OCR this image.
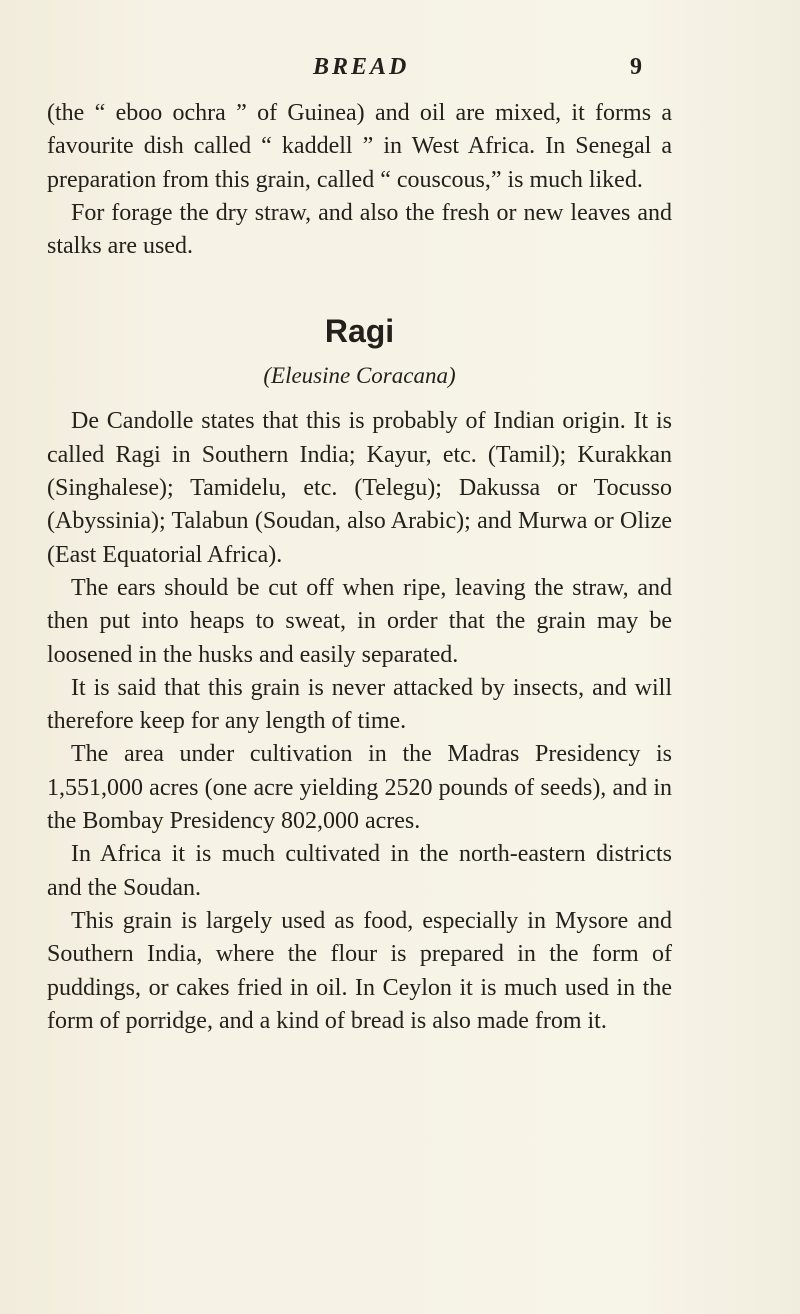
BREAD	9

(the “ eboo ochra ” of Guinea) and oil are mixed, it forms a favourite dish called “ kaddell ” in West Africa. In Senegal a preparation from this grain, called “ couscous,” is much liked.

For forage the dry straw, and also the fresh or new leaves and stalks are used.

Ragi
(Eleusine Coracana)

De Candolle states that this is probably of Indian origin. It is called Ragi in Southern India; Kayur, etc. (Tamil); Kurakkan (Singhalese); Tamidelu, etc. (Telegu); Dakussa or Tocusso (Abyssinia); Talabun (Soudan, also Arabic); and Murwa or Olize (East Equatorial Africa).

The ears should be cut off when ripe, leaving the straw, and then put into heaps to sweat, in order that the grain may be loosened in the husks and easily separated.

It is said that this grain is never attacked by insects, and will therefore keep for any length of time.

The area under cultivation in the Madras Presidency is 1,551,000 acres (one acre yielding 2520 pounds of seeds), and in the Bombay Presidency 802,000 acres.

In Africa it is much cultivated in the north-eastern districts and the Soudan.

This grain is largely used as food, especially in Mysore and Southern India, where the flour is prepared in the form of puddings, or cakes fried in oil. In Ceylon it is much used in the form of porridge, and a kind of bread is also made from it.
